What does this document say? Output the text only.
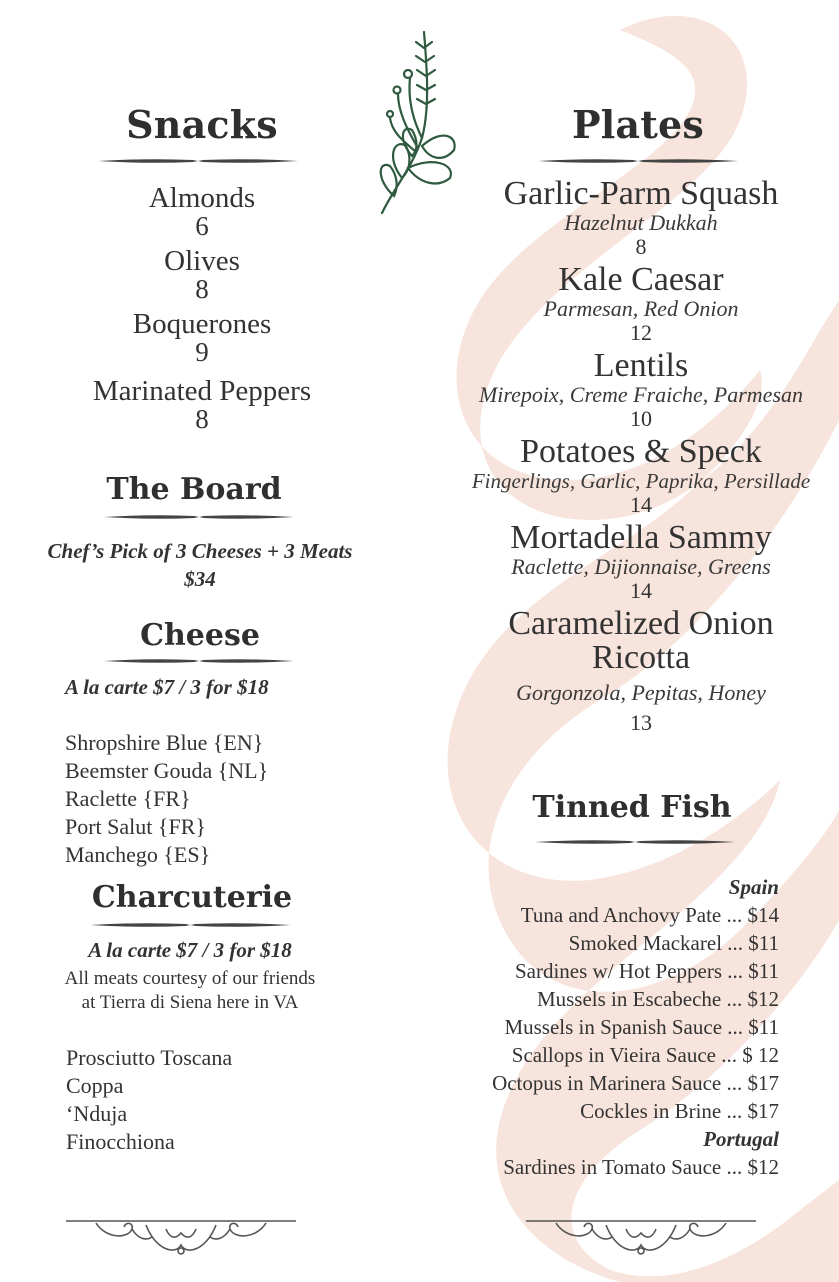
Snacks
Almonds
6
Olives
8
Boquerones
9
Marinated Peppers
8
The Board
Chef’s Pick of 3 Cheeses + 3 Meats
$34
Cheese
A la carte $7 / 3 for $18
Shropshire Blue {EN}
Beemster Gouda {NL}
Raclette {FR}
Port Salut {FR}
Manchego {ES}
Charcuterie
A la carte $7 / 3 for $18
All meats courtesy of our friends
at Tierra di Siena here in VA
Prosciutto Toscana
Coppa
‘Nduja
Finocchiona
Plates
Garlic-Parm Squash
Hazelnut Dukkah
8
Kale Caesar
Parmesan, Red Onion
12
Lentils
Mirepoix, Creme Fraiche, Parmesan
10
Potatoes & Speck
Fingerlings, Garlic, Paprika, Persillade
14
Mortadella Sammy
Raclette, Dijionnaise, Greens
14
Caramelized Onion
Ricotta
Gorgonzola, Pepitas, Honey
13
Tinned Fish
Spain
Tuna and Anchovy Pate ... $14
Smoked Mackarel ... $11
Sardines w/ Hot Peppers ... $11
Mussels in Escabeche ... $12
Mussels in Spanish Sauce ... $11
Scallops in Vieira Sauce ... $ 12
Octopus in Marinera Sauce ... $17
Cockles in Brine ... $17
Portugal
Sardines in Tomato Sauce ... $12
